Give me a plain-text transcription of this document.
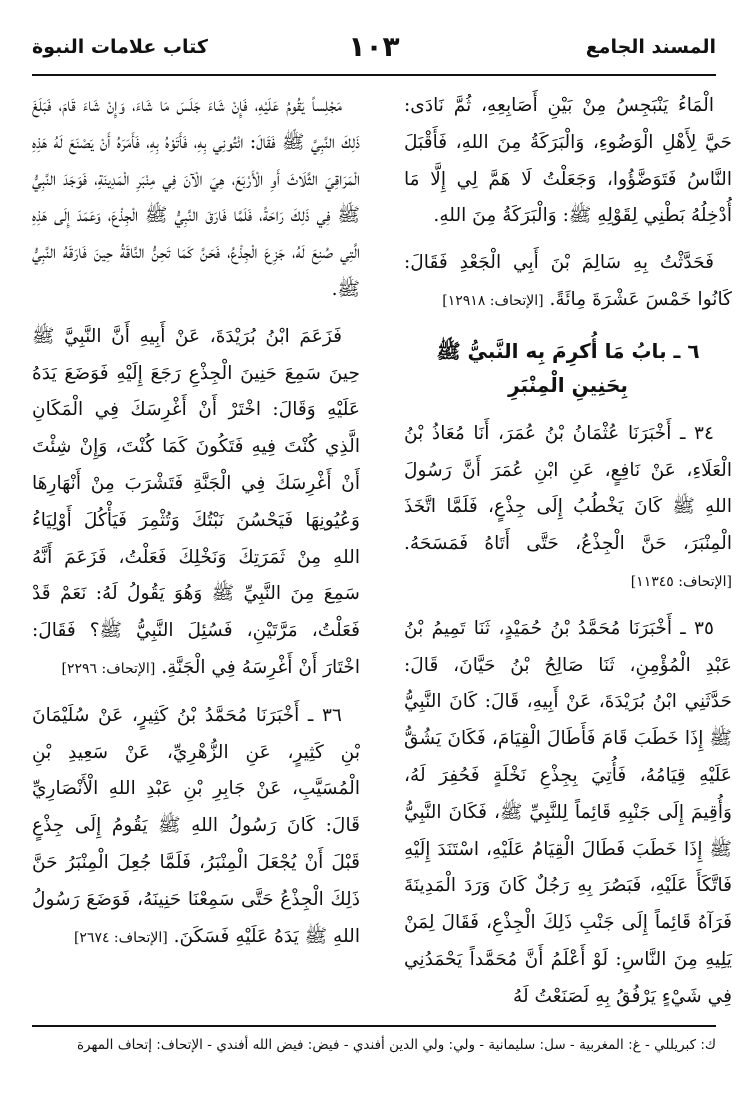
المسند الجامع
١٠٣
كتاب علامات النبوة

الْمَاءُ يَنْبَجِسُ مِنْ بَيْنِ أَصَابِعِهِ، ثُمَّ نَادَى: حَيَّ لِأَهْلِ الْوَضُوءِ، وَالْبَرَكَةُ مِنَ اللهِ، فَأَقْبَلَ النَّاسُ فَتَوَضَّؤُوا، وَجَعَلْتُ لَا هَمَّ لِي إِلَّا مَا أُدْخِلُهُ بَطْنِي لِقَوْلِهِ ﷺ: وَالْبَرَكَةُ مِنَ اللهِ.

فَحَدَّثْتُ بِهِ سَالِمَ بْنَ أَبِي الْجَعْدِ فَقَالَ: كَانُوا خَمْسَ عَشْرَةَ مِائَةً. [الإتحاف: ١٢٩١٨]

٦ ـ بابُ مَا أُكرِمَ بِه النَّبيُّ ﷺ
بِحَنِينِ الْمِنْبَرِ

٣٤ ـ أَخْبَرَنَا عُثْمَانُ بْنُ عُمَرَ، أَنَا مُعَاذُ بْنُ الْعَلَاءِ، عَنْ نَافِعٍ، عَنِ ابْنِ عُمَرَ أَنَّ رَسُولَ اللهِ ﷺ كَانَ يَخْطُبُ إِلَى جِذْعٍ، فَلَمَّا اتَّخَذَ الْمِنْبَرَ، حَنَّ الْجِذْعُ، حَتَّى أَتَاهُ فَمَسَحَهُ. [الإتحاف: ١١٣٤٥]

٣٥ ـ أَخْبَرَنَا مُحَمَّدُ بْنُ حُمَيْدٍ، ثَنَا تَمِيمُ بْنُ عَبْدِ الْمُؤْمِنِ، ثَنَا صَالِحُ بْنُ حَيَّانَ، قَالَ: حَدَّثَنِي ابْنُ بُرَيْدَةَ، عَنْ أَبِيهِ، قَالَ: كَانَ النَّبِيُّ ﷺ إِذَا خَطَبَ قَامَ فَأَطَالَ الْقِيَامَ، فَكَانَ يَشُقُّ عَلَيْهِ قِيَامُهُ، فَأُتِيَ بِجِذْعِ نَخْلَةٍ فَحُفِرَ لَهُ، وَأُقِيمَ إِلَى جَنْبِهِ قَائِماً لِلنَّبِيِّ ﷺ، فَكَانَ النَّبِيُّ ﷺ إِذَا خَطَبَ فَطَالَ الْقِيَامُ عَلَيْهِ، اسْتَنَدَ إِلَيْهِ فَاتَّكَأَ عَلَيْهِ، فَبَصُرَ بِهِ رَجُلٌ كَانَ وَرَدَ الْمَدِينَةَ فَرَآهُ قَائِماً إِلَى جَنْبِ ذَلِكَ الْجِذْعِ، فَقَالَ لِمَنْ يَلِيهِ مِنَ النَّاسِ: لَوْ أَعْلَمُ أَنَّ مُحَمَّداً يَحْمَدُنِي فِي شَيْءٍ يَرْفُقُ بِهِ لَصَنَعْتُ لَهُ

مَجْلِساً يَقُومُ عَلَيْهِ، فَإِنْ شَاءَ جَلَسَ مَا شَاءَ، وَإِنْ شَاءَ قَامَ، فَبَلَغَ ذَلِكَ النَّبِيَّ ﷺ فَقَالَ: ائْتُونِي بِهِ، فَأَتَوْهُ بِهِ، فَأَمَرَهُ أَنْ يَصْنَعَ لَهُ هَذِهِ الْمَرَاقِيَ الثَّلَاثَ أَوِ الْأَرْبَعَ، هِيَ الْآنَ فِي مِنْبَرِ الْمَدِينَةِ، فَوَجَدَ النَّبِيُّ ﷺ فِي ذَلِكَ رَاحَةً، فَلَمَّا فَارَقَ النَّبِيُّ ﷺ الْجِذْعَ، وَعَمَدَ إِلَى هَذِهِ الَّتِي صُنِعَ لَهُ، جَزِعَ الْجِذْعُ، فَحَنَّ كَمَا تَحِنُّ النَّاقَةُ حِينَ فَارَقَهُ النَّبِيُّ ﷺ.

فَزَعَمَ ابْنُ بُرَيْدَةَ، عَنْ أَبِيهِ أَنَّ النَّبِيَّ ﷺ حِينَ سَمِعَ حَنِينَ الْجِذْعِ رَجَعَ إِلَيْهِ فَوَضَعَ يَدَهُ عَلَيْهِ وَقَالَ: اخْتَرْ أَنْ أَغْرِسَكَ فِي الْمَكَانِ الَّذِي كُنْتَ فِيهِ فَتَكُونَ كَمَا كُنْتَ، وَإِنْ شِئْتَ أَنْ أَغْرِسَكَ فِي الْجَنَّةِ فَتَشْرَبَ مِنْ أَنْهَارِهَا وَعُيُونِهَا فَيَحْسُنَ نَبْتُكَ وَتُثْمِرَ فَيَأْكُلَ أَوْلِيَاءُ اللهِ مِنْ ثَمَرَتِكَ وَنَخْلِكَ فَعَلْتُ، فَزَعَمَ أَنَّهُ سَمِعَ مِنَ النَّبِيِّ ﷺ وَهُوَ يَقُولُ لَهُ: نَعَمْ قَدْ فَعَلْتُ، مَرَّتَيْنِ، فَسُئِلَ النَّبِيُّ ﷺ؟ فَقَالَ: اخْتَارَ أَنْ أَغْرِسَهُ فِي الْجَنَّةِ. [الإتحاف: ٢٢٩٦]

٣٦ ـ أَخْبَرَنَا مُحَمَّدُ بْنُ كَثِيرٍ، عَنْ سُلَيْمَانَ بْنِ كَثِيرٍ، عَنِ الزُّهْرِيِّ، عَنْ سَعِيدِ بْنِ الْمُسَيَّبِ، عَنْ جَابِرِ بْنِ عَبْدِ اللهِ الْأَنْصَارِيِّ قَالَ: كَانَ رَسُولُ اللهِ ﷺ يَقُومُ إِلَى جِذْعٍ قَبْلَ أَنْ يُجْعَلَ الْمِنْبَرُ، فَلَمَّا جُعِلَ الْمِنْبَرُ حَنَّ ذَلِكَ الْجِذْعُ حَتَّى سَمِعْنَا حَنِينَهُ، فَوَضَعَ رَسُولُ اللهِ ﷺ يَدَهُ عَلَيْهِ فَسَكَنَ. [الإتحاف: ٢٦٧٤]

ك: كبريللي - غ: المغربية - سل: سليمانية - ولي: ولي الدين أفندي - فيض: فيض الله أفندي - الإتحاف: إتحاف المهرة
